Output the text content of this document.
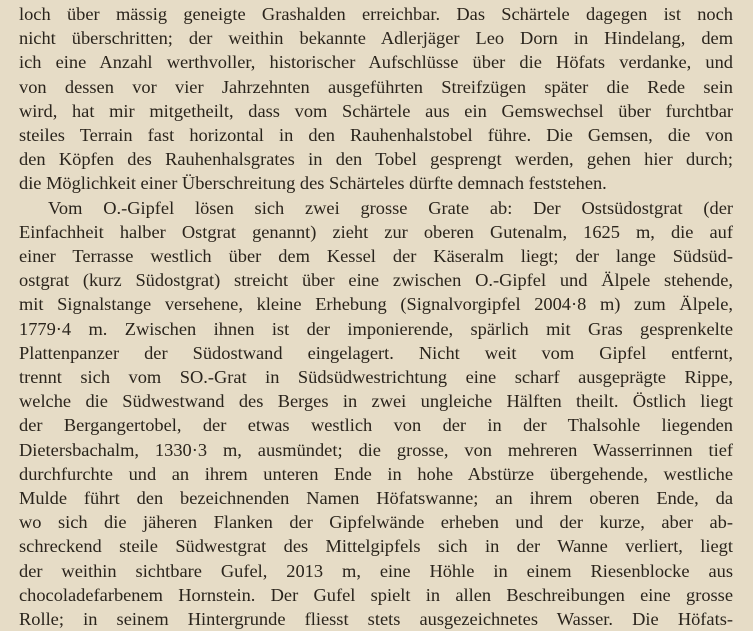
loch über mässig geneigte Grashalden erreichbar. Das Schärtele dagegen ist noch
nicht überschritten; der weithin bekannte Adlerjäger Leo Dorn in Hindelang, dem
ich eine Anzahl werthvoller, historischer Aufschlüsse über die Höfats verdanke, und
von dessen vor vier Jahrzehnten ausgeführten Streifzügen später die Rede sein
wird, hat mir mitgetheilt, dass vom Schärtele aus ein Gemswechsel über furchtbar
steiles Terrain fast horizontal in den Rauhenhalstobel führe. Die Gemsen, die von
den Köpfen des Rauhenhalsgrates in den Tobel gesprengt werden, gehen hier durch;
die Möglichkeit einer Überschreitung des Schärteles dürfte demnach feststehen.
Vom O.-Gipfel lösen sich zwei grosse Grate ab: Der Ostsüdostgrat (der
Einfachheit halber Ostgrat genannt) zieht zur oberen Gutenalm, 1625 m, die auf
einer Terrasse westlich über dem Kessel der Käseralm liegt; der lange Südsüd-
ostgrat (kurz Südostgrat) streicht über eine zwischen O.-Gipfel und Älpele stehende,
mit Signalstange versehene, kleine Erhebung (Signalvorgipfel 2004·8 m) zum Älpele,
1779·4 m. Zwischen ihnen ist der imponierende, spärlich mit Gras gesprenkelte
Plattenpanzer der Südostwand eingelagert. Nicht weit vom Gipfel entfernt,
trennt sich vom SO.-Grat in Südsüdwestrichtung eine scharf ausgeprägte Rippe,
welche die Südwestwand des Berges in zwei ungleiche Hälften theilt. Östlich liegt
der Bergangertobel, der etwas westlich von der in der Thalsohle liegenden
Dietersbachalm, 1330·3 m, ausmündet; die grosse, von mehreren Wasserrinnen tief
durchfurchte und an ihrem unteren Ende in hohe Abstürze übergehende, westliche
Mulde führt den bezeichnenden Namen Höfatswanne; an ihrem oberen Ende, da
wo sich die jäheren Flanken der Gipfelwände erheben und der kurze, aber ab-
schreckend steile Südwestgrat des Mittelgipfels sich in der Wanne verliert, liegt
der weithin sichtbare Gufel, 2013 m, eine Höhle in einem Riesenblocke aus
chocoladefarbenem Hornstein. Der Gufel spielt in allen Beschreibungen eine grosse
Rolle; in seinem Hintergrunde fliesst stets ausgezeichnetes Wasser. Die Höfats-
